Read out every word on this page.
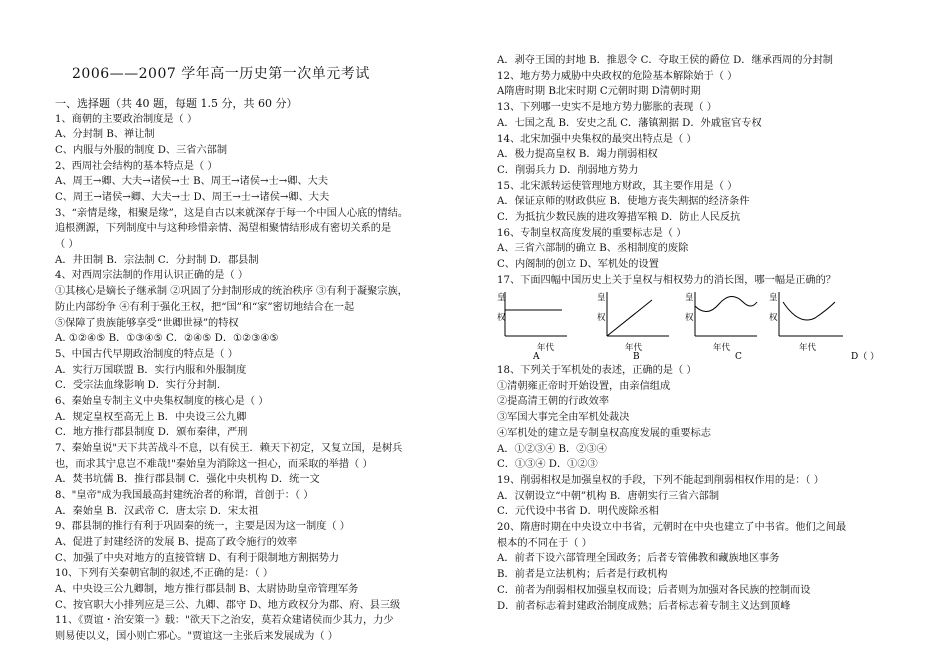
2006——2007 学年高一历史第一次单元考试
一、选择题（共 40 题，每题 1.5 分，共 60 分）
1、商朝的主要政治制度是（ ）
A、分封制 B、禅让制
C、内服与外服的制度 D、三省六部制
2、西周社会结构的基本特点是（ ）
A、周王→卿、大夫→诸侯→士 B、周王→诸侯→士→卿、大夫
C、周王→诸侯→卿、大夫→士 D、周王→士→诸侯→卿、大夫
3、“亲情是缘，相聚是缘”，这是自古以来就深存于每一个中国人心底的情结。
追根溯源，下列制度中与这种珍惜亲情、渴望相聚情结形成有密切关系的是
（ ）
A．井田制 B．宗法制 C．分封制 D．郡县制
4、对西周宗法制的作用认识正确的是（ ）
①其核心是嫡长子继承制 ②巩固了分封制形成的统治秩序 ③有利于凝聚宗族，
防止内部纷争 ④有利于强化王权，把“国”和“家”密切地结合在一起
⑤保障了贵族能够享受“世卿世禄”的特权
A. ①②④⑤ B．①③④⑤ C．②④⑤ D．①②③④⑤
5、中国古代早期政治制度的特点是（ ）
A．实行万国联盟 B．实行内服和外服制度
C．受宗法血缘影响 D．实行分封制.
6、秦始皇专制主义中央集权制度的核心是（ ）
A．规定皇权至高无上 B．中央设三公九卿
C．地方推行郡县制度 D．颁布秦律，严刑
7、秦始皇说"天下共苦战斗不息，以有侯王．赖天下初定，又复立国，是树兵
也，而求其宁息岂不难哉!"秦始皇为消除这一担心，而采取的举措（ ）
A．焚书坑儒 B．推行郡县制 C．强化中央机构 D．统一文
8、"皇帝"成为我国最高封建统治者的称谓，首创于：（ ）
A．秦始皇 B．汉武帝 C．唐太宗 D．宋太祖
9、郡县制的推行有利于巩固秦的统一，主要是因为这一制度（ ）
A、促进了封建经济的发展 B、提高了政令施行的效率
C、加强了中央对地方的直接管辖 D、有利于限制地方割据势力
10、下列有关秦朝官制的叙述,不正确的是：（ ）
A、中央设三公九卿制，地方推行郡县制 B、太尉协助皇帝管理军务
C、按官职大小排列应是三公、九卿、郡守 D、地方政权分为郡、府、县三级
11、《贾谊・治安策一》载："欲天下之治安，莫若众建诸侯而少其力，力少
则易使以义，国小则亡邪心。"贾谊这一主张后来发展成为（ ）
A．剥夺王国的封地 B．推恩令 C．夺取王侯的爵位 D．继承西周的分封制
12、地方势力威胁中央政权的危险基本解除始于（ ）
A隋唐时期 B北宋时期 C元朝时期 D清朝时期
13、下列哪一史实不是地方势力膨胀的表现（ ）
A．七国之乱 B．安史之乱 C．藩镇割据 D．外戚宦官专权
14、北宋加强中央集权的最突出特点是（ ）
A．极力提高皇权 B．竭力削弱相权
C．削弱兵力 D．削弱地方势力
15、北宋派转运使管理地方财政，其主要作用是（ ）
A．保证京师的财政供应 B．使地方丧失割据的经济条件
C．为抵抗少数民族的进攻筹措军粮 D．防止人民反抗
16、专制皇权高度发展的重要标志是（ ）
A、三省六部制的确立 B、丞相制度的废除
C、内阁制的创立 D、军机处的设置
17、下面四幅中国历史上关于皇权与相权势力的消长图，哪一幅是正确的？
18、下列关于军机处的表述，正确的是（ ）
①清朝雍正帝时开始设置，由亲信组成
②提高清王朝的行政效率
③军国大事完全由军机处裁决
④军机处的建立是专制皇权高度发展的重要标志
A．①②③④ B．②③④
C．①③④ D．①②③
19、削弱相权是加强皇权的手段，下列不能起到削弱相权作用的是：（ ）
A．汉朝设立“中朝”机构 B．唐朝实行三省六部制
C．元代设中书省 D．明代废除丞相
20、隋唐时期在中央设立中书省，元朝时在中央也建立了中书省。他们之间最
根本的不同在于（ ）
A．前者下设六部管理全国政务；后者专管佛教和藏族地区事务
B．前者是立法机构；后者是行政机构
C．前者为削弱相权加强皇权而设；后者则为加强对各民族的控制而设
D．前者标志着封建政治制度成熟；后者标志着专制主义达到顶峰
皇
权
年代
A
皇
权
年代
B
皇
权
年代
C
皇
权
年代
D（ ）
